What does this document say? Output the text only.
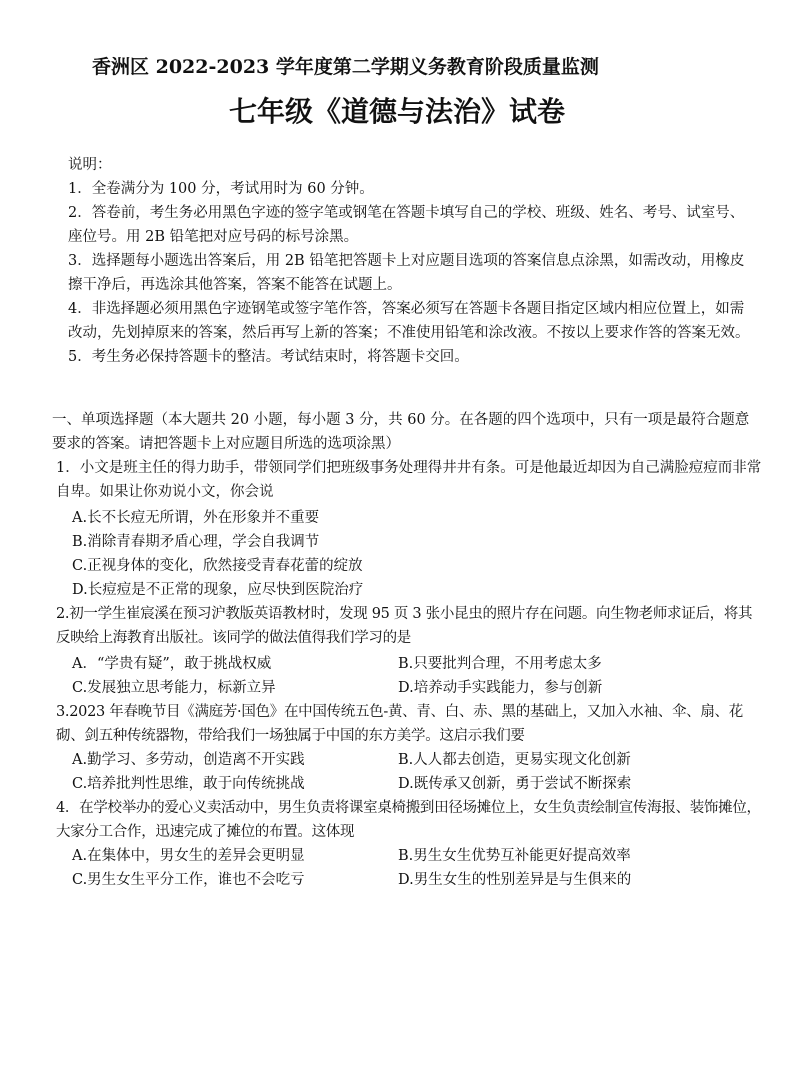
香洲区 2022-2023 学年度第二学期义务教育阶段质量监测
七年级《道德与法治》试卷
说明：
1．全卷满分为 100 分，考试用时为 60 分钟。
2．答卷前，考生务必用黑色字迹的签字笔或钢笔在答题卡填写自己的学校、班级、姓名、考号、试室号、座位号。用 2B 铅笔把对应号码的标号涂黑。
3．选择题每小题选出答案后，用 2B 铅笔把答题卡上对应题目选项的答案信息点涂黑，如需改动，用橡皮擦干净后，再选涂其他答案，答案不能答在试题上。
4．非选择题必须用黑色字迹钢笔或签字笔作答，答案必须写在答题卡各题目指定区域内相应位置上，如需改动，先划掉原来的答案，然后再写上新的答案；不准使用铅笔和涂改液。不按以上要求作答的答案无效。
5．考生务必保持答题卡的整洁。考试结束时，将答题卡交回。
一、单项选择题（本大题共 20 小题，每小题 3 分，共 60 分。在各题的四个选项中，只有一项是最符合题意要求的答案。请把答题卡上对应题目所选的选项涂黑）
1．小文是班主任的得力助手，带领同学们把班级事务处理得井井有条。可是他最近却因为自己满脸痘痘而非常自卑。如果让你劝说小文，你会说
A.长不长痘无所谓，外在形象并不重要
B.消除青春期矛盾心理，学会自我调节
C.正视身体的变化，欣然接受青春花蕾的绽放
D.长痘痘是不正常的现象，应尽快到医院治疗
2.初一学生崔宸溪在预习沪教版英语教材时，发现 95 页 3 张小昆虫的照片存在问题。向生物老师求证后，将其反映给上海教育出版社。该同学的做法值得我们学习的是
A．“学贵有疑”，敢于挑战权威	B.只要批判合理，不用考虑太多
C.发展独立思考能力，标新立异	D.培养动手实践能力，参与创新
3.2023 年春晚节目《满庭芳·国色》在中国传统五色-黄、青、白、赤、黑的基础上，又加入水袖、伞、扇、花砌、剑五种传统器物，带给我们一场独属于中国的东方美学。这启示我们要
A.勤学习、多劳动，创造离不开实践	B.人人都去创造，更易实现文化创新
C.培养批判性思维，敢于向传统挑战	D.既传承又创新，勇于尝试不断探索
4．在学校举办的爱心义卖活动中，男生负责将课室桌椅搬到田径场摊位上，女生负责绘制宣传海报、装饰摊位，大家分工合作，迅速完成了摊位的布置。这体现
A.在集体中，男女生的差异会更明显	B.男生女生优势互补能更好提高效率
C.男生女生平分工作，谁也不会吃亏	D.男生女生的性别差异是与生俱来的
